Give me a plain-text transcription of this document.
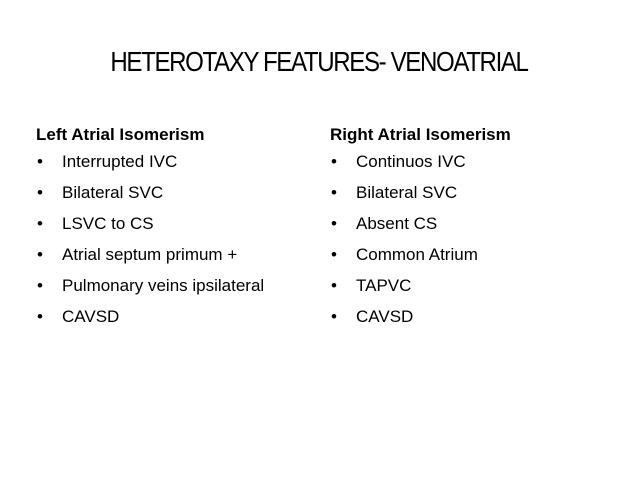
HETEROTAXY FEATURES- VENOATRIAL
Left Atrial Isomerism
• Interrupted IVC
• Bilateral SVC
• LSVC to CS
• Atrial septum primum +
• Pulmonary veins ipsilateral
• CAVSD
Right Atrial Isomerism
• Continuos IVC
• Bilateral SVC
• Absent CS
• Common Atrium
• TAPVC
• CAVSD
